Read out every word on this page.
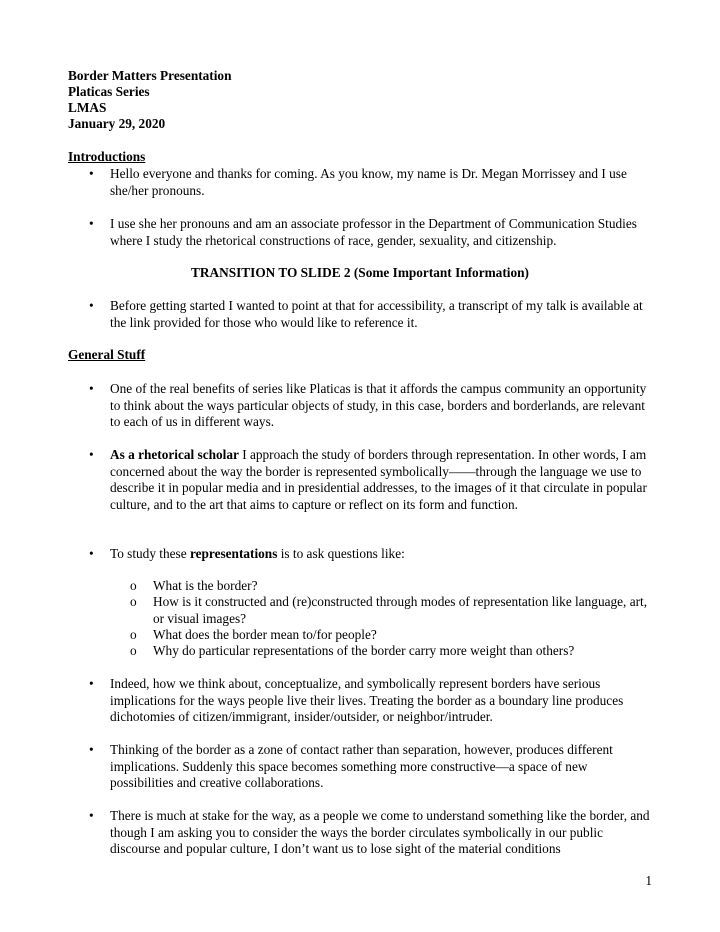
Border Matters Presentation
Platicas Series
LMAS
January 29, 2020
Introductions
• Hello everyone and thanks for coming. As you know, my name is Dr. Megan Morrissey and I use she/her pronouns.
• I use she her pronouns and am an associate professor in the Department of Communication Studies where I study the rhetorical constructions of race, gender, sexuality, and citizenship.
TRANSITION TO SLIDE 2 (Some Important Information)
• Before getting started I wanted to point at that for accessibility, a transcript of my talk is available at the link provided for those who would like to reference it.
General Stuff
• One of the real benefits of series like Platicas is that it affords the campus community an opportunity to think about the ways particular objects of study, in this case, borders and borderlands, are relevant to each of us in different ways.
• As a rhetorical scholar I approach the study of borders through representation. In other words, I am concerned about the way the border is represented symbolically——through the language we use to describe it in popular media and in presidential addresses, to the images of it that circulate in popular culture, and to the art that aims to capture or reflect on its form and function.
• To study these representations is to ask questions like:
o What is the border?
o How is it constructed and (re)constructed through modes of representation like language, art, or visual images?
o What does the border mean to/for people?
o Why do particular representations of the border carry more weight than others?
• Indeed, how we think about, conceptualize, and symbolically represent borders have serious implications for the ways people live their lives. Treating the border as a boundary line produces dichotomies of citizen/immigrant, insider/outsider, or neighbor/intruder.
• Thinking of the border as a zone of contact rather than separation, however, produces different implications. Suddenly this space becomes something more constructive—a space of new possibilities and creative collaborations.
• There is much at stake for the way, as a people we come to understand something like the border, and though I am asking you to consider the ways the border circulates symbolically in our public discourse and popular culture, I don’t want us to lose sight of the material conditions
1
